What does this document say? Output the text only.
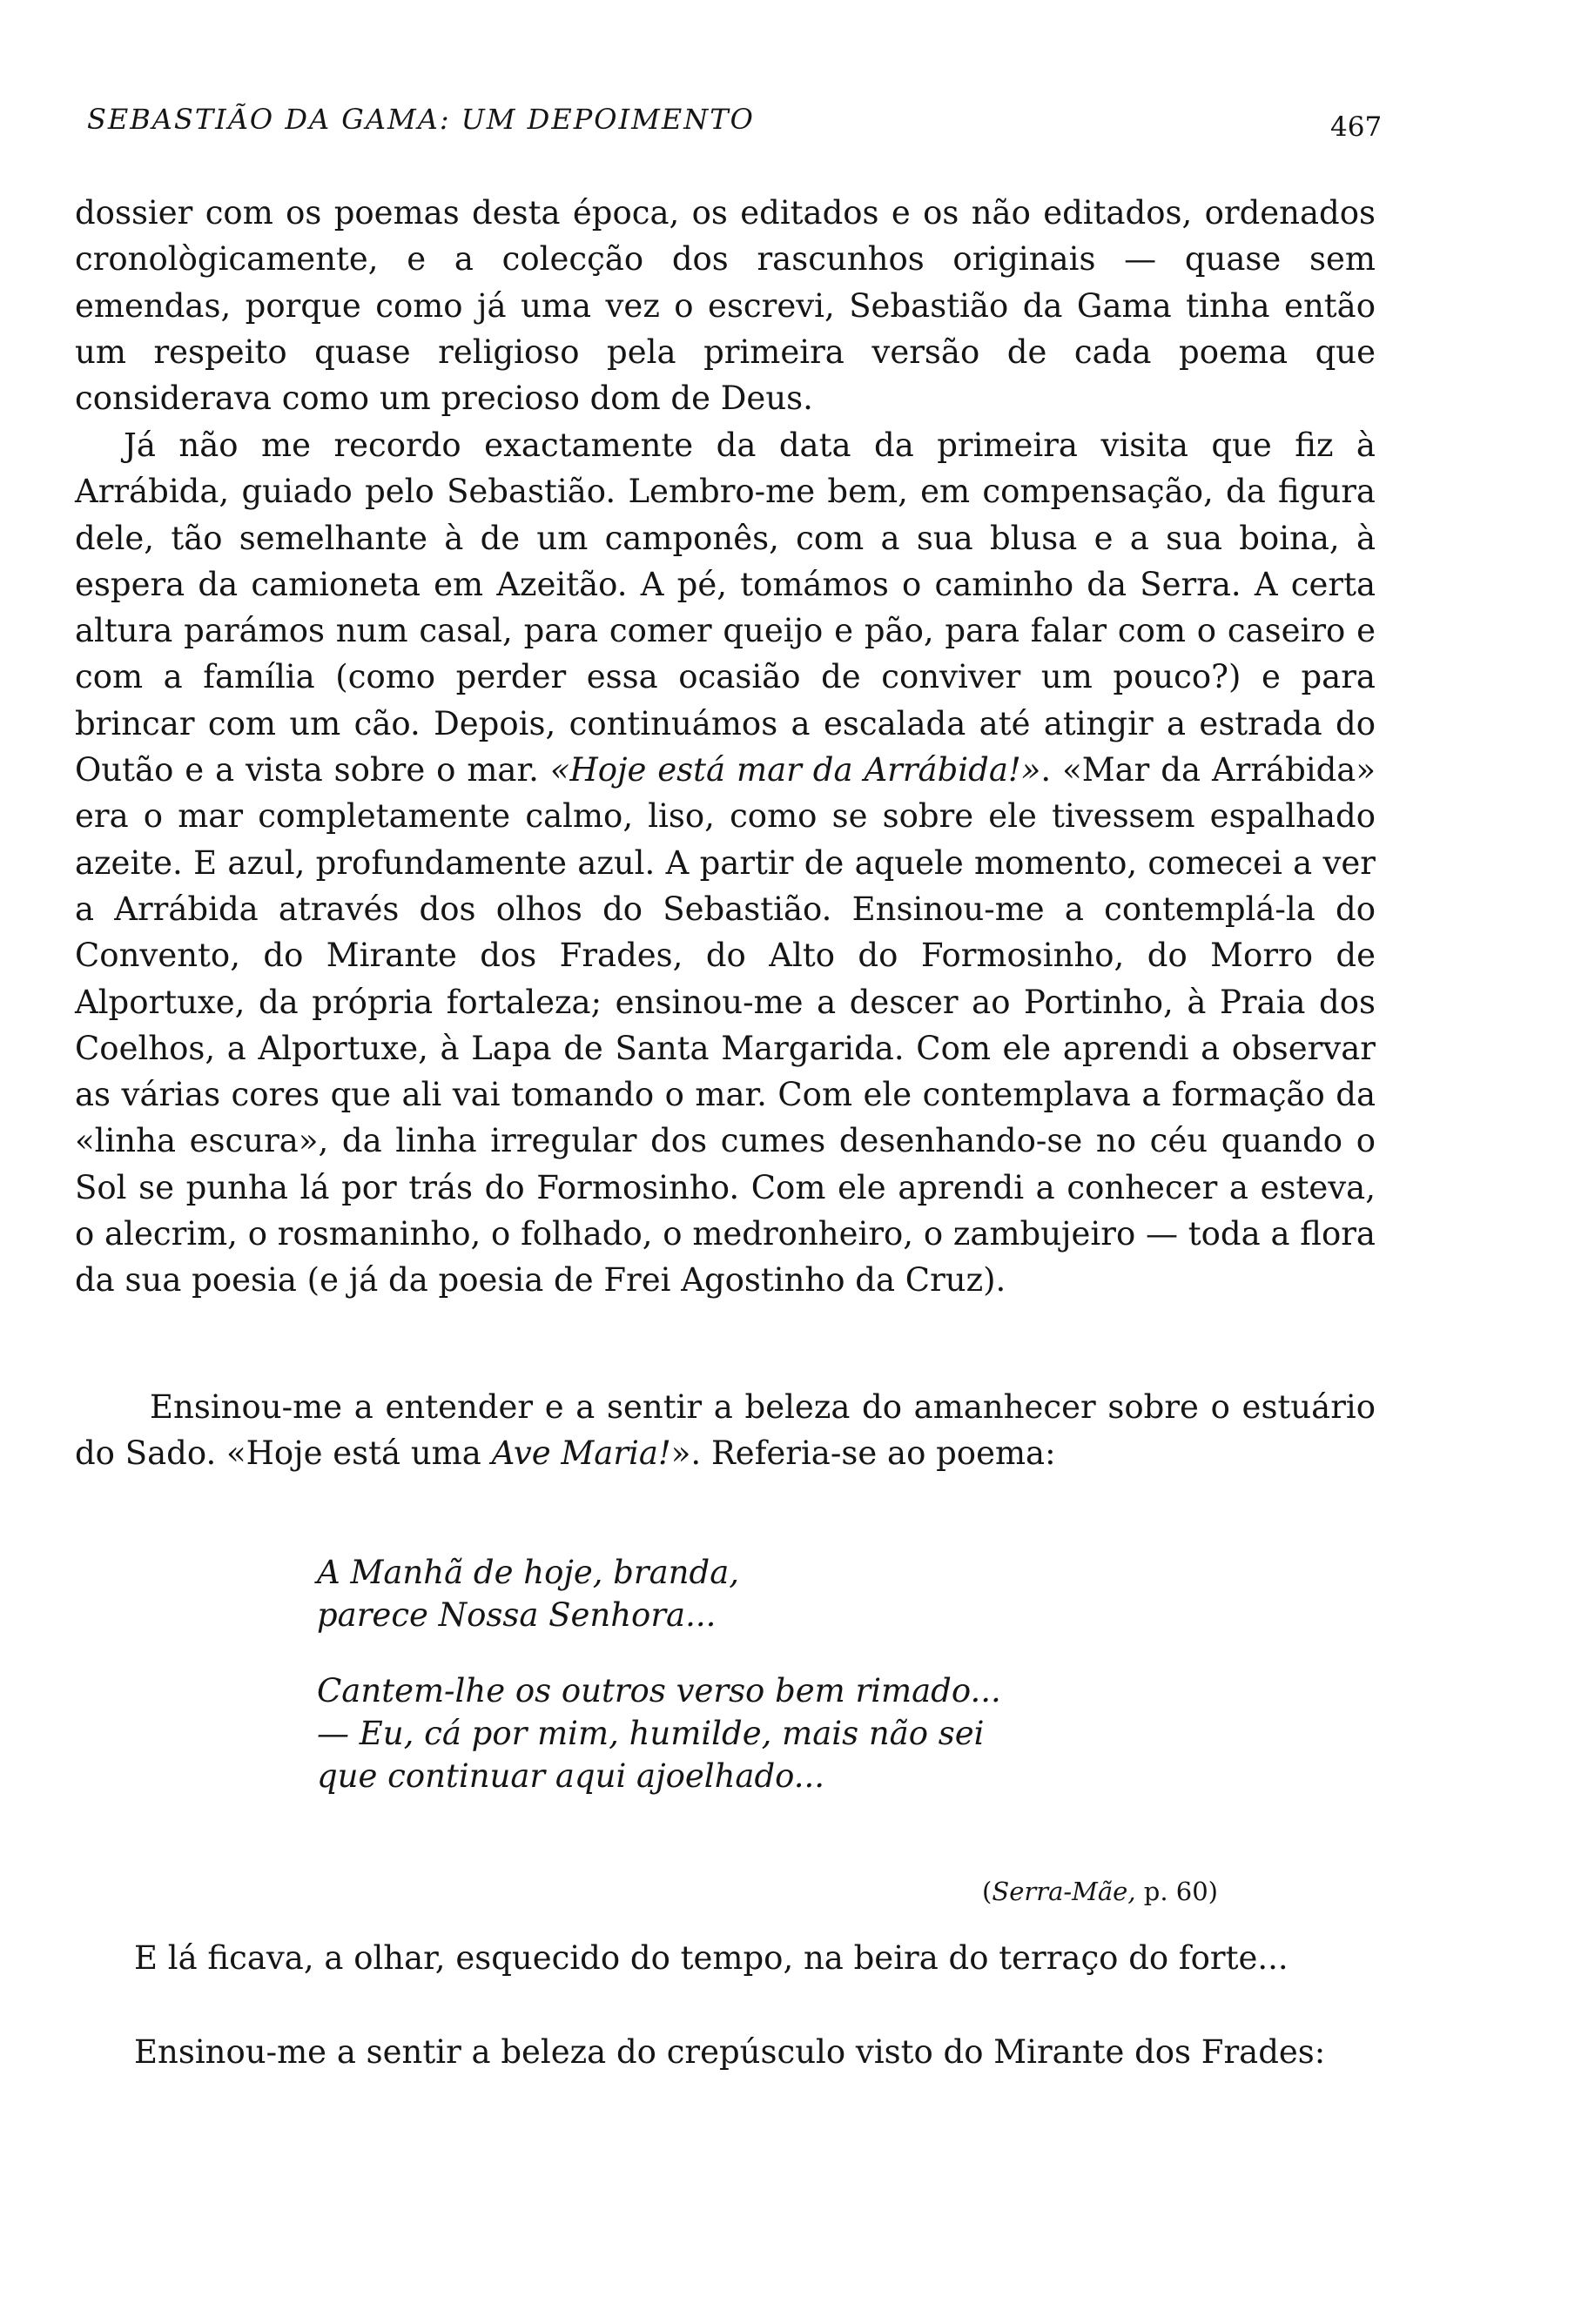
SEBASTIÃO DA GAMA: UM DEPOIMENTO	467

dossier com os poemas desta época, os editados e os não editados, ordenados cronològicamente, e a colecção dos rascunhos originais — quase sem emendas, porque como já uma vez o escrevi, Sebastião da Gama tinha então um respeito quase religioso pela primeira versão de cada poema que considerava como um precioso dom de Deus.

Já não me recordo exactamente da data da primeira visita que fiz à Arrábida, guiado pelo Sebastião. Lembro-me bem, em compensação, da figura dele, tão semelhante à de um camponês, com a sua blusa e a sua boina, à espera da camioneta em Azeitão. A pé, tomámos o caminho da Serra. A certa altura parámos num casal, para comer queijo e pão, para falar com o caseiro e com a família (como perder essa ocasião de conviver um pouco?) e para brincar com um cão. Depois, continuámos a escalada até atingir a estrada do Outão e a vista sobre o mar. «Hoje está mar da Arrábida!». «Mar da Arrábida» era o mar completamente calmo, liso, como se sobre ele tivessem espalhado azeite. E azul, profundamente azul. A partir de aquele momento, comecei a ver a Arrábida através dos olhos do Sebastião. Ensinou-me a contemplá-la do Convento, do Mirante dos Frades, do Alto do Formosinho, do Morro de Alportuxe, da própria fortaleza; ensinou-me a descer ao Portinho, à Praia dos Coelhos, a Alportuxe, à Lapa de Santa Margarida. Com ele aprendi a observar as várias cores que ali vai tomando o mar. Com ele contemplava a formação da «linha escura», da linha irregular dos cumes desenhando-se no céu quando o Sol se punha lá por trás do Formosinho. Com ele aprendi a conhecer a esteva, o alecrim, o rosmaninho, o folhado, o medronheiro, o zambujeiro — toda a flora da sua poesia (e já da poesia de Frei Agostinho da Cruz).

Ensinou-me a entender e a sentir a beleza do amanhecer sobre o estuário do Sado. «Hoje está uma Ave Maria!». Referia-se ao poema:

A Manhã de hoje, branda,
parece Nossa Senhora...
Cantem-lhe os outros verso bem rimado...
— Eu, cá por mim, humilde, mais não sei
que continuar aqui ajoelhado...
(Serra-Mãe, p. 60)

E lá ficava, a olhar, esquecido do tempo, na beira do terraço do forte...

Ensinou-me a sentir a beleza do crepúsculo visto do Mirante dos Frades:
